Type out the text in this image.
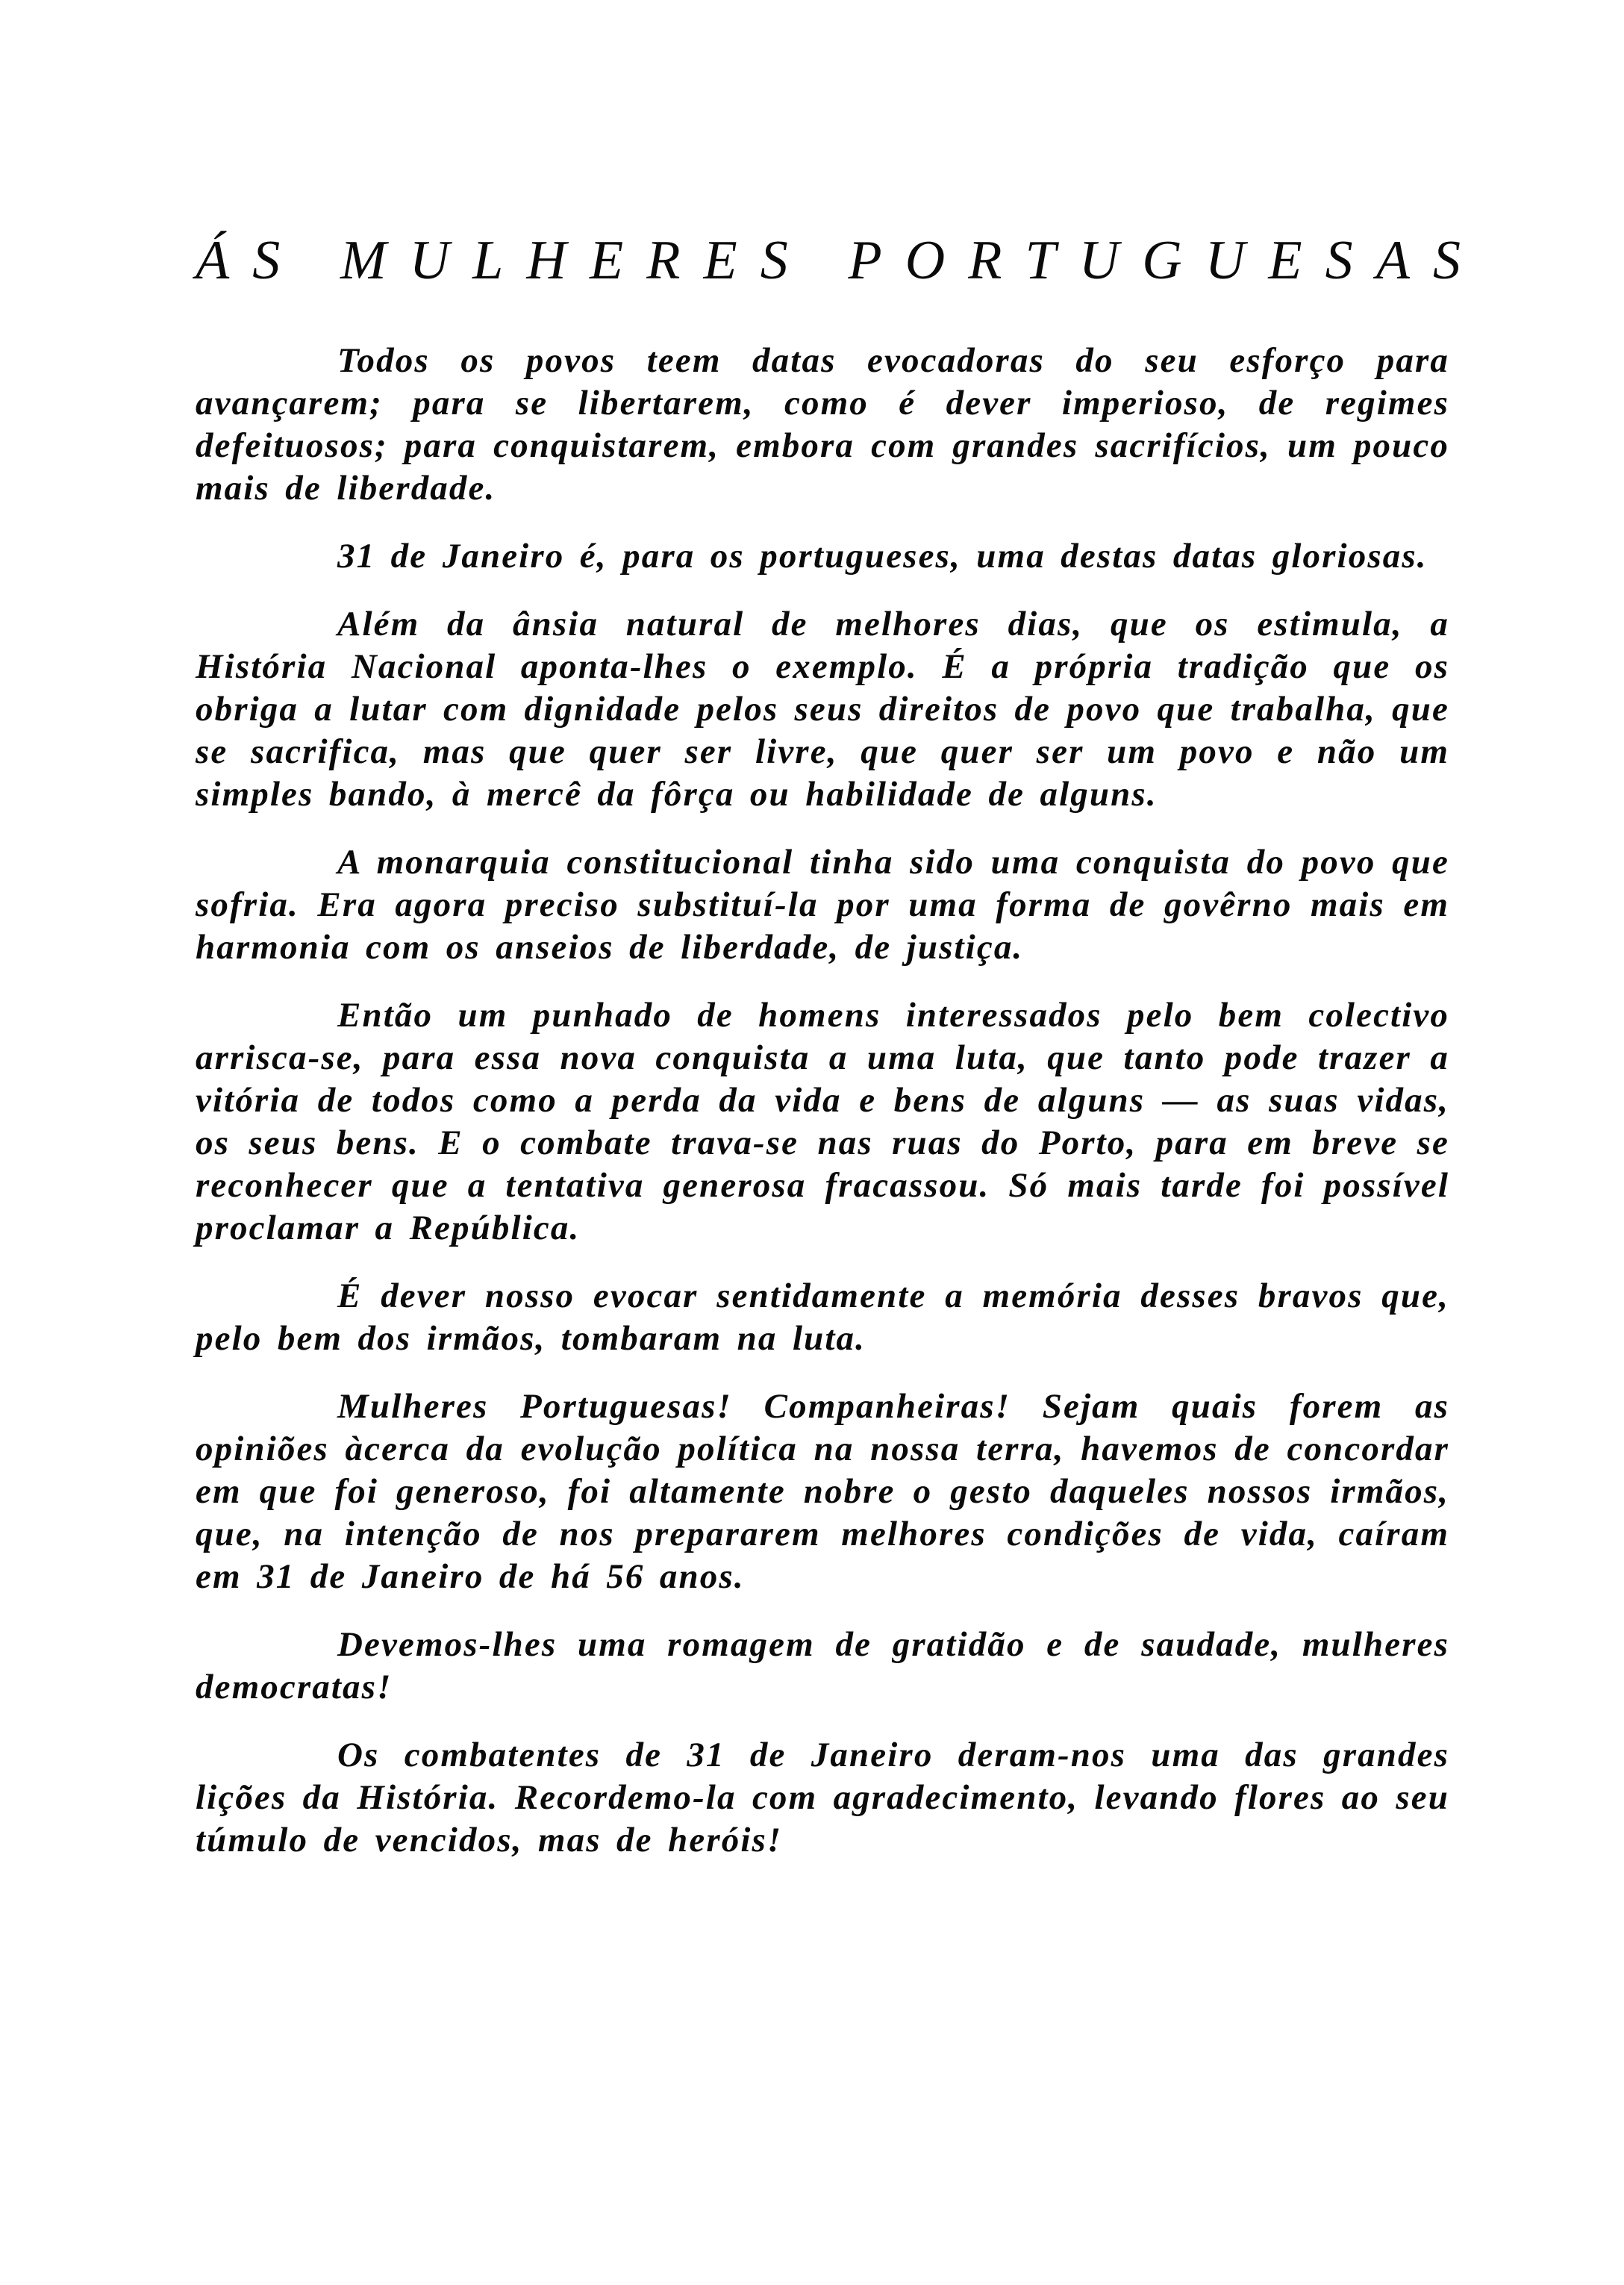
ÁS MULHERES PORTUGUESAS

Todos os povos teem datas evocadoras do seu esforço para avançarem; para se libertarem, como é dever imperioso, de regimes defeituosos; para conquistarem, embora com grandes sacrifícios, um pouco mais de liberdade.

31 de Janeiro é, para os portugueses, uma destas datas gloriosas.

Além da ânsia natural de melhores dias, que os estimula, a História Nacional aponta-lhes o exemplo. É a própria tradição que os obriga a lutar com dignidade pelos seus direitos de povo que trabalha, que se sacrifica, mas que quer ser livre, que quer ser um povo e não um simples bando, à mercê da fôrça ou habilidade de alguns.

A monarquia constitucional tinha sido uma conquista do povo que sofria. Era agora preciso substituí-la por uma forma de govêrno mais em harmonia com os anseios de liberdade, de justiça.

Então um punhado de homens interessados pelo bem colectivo arrisca-se, para essa nova conquista a uma luta, que tanto pode trazer a vitória de todos como a perda da vida e bens de alguns — as suas vidas, os seus bens. E o combate trava-se nas ruas do Porto, para em breve se reconhecer que a tentativa generosa fracassou. Só mais tarde foi possível proclamar a República.

É dever nosso evocar sentidamente a memória desses bravos que, pelo bem dos irmãos, tombaram na luta.

Mulheres Portuguesas! Companheiras! Sejam quais forem as opiniões àcerca da evolução política na nossa terra, havemos de concordar em que foi generoso, foi altamente nobre o gesto daqueles nossos irmãos, que, na intenção de nos prepararem melhores condições de vida, caíram em 31 de Janeiro de há 56 anos.

Devemos-lhes uma romagem de gratidão e de saudade, mulheres democratas!

Os combatentes de 31 de Janeiro deram-nos uma das grandes lições da História. Recordemo-la com agradecimento, levando flores ao seu túmulo de vencidos, mas de heróis!
